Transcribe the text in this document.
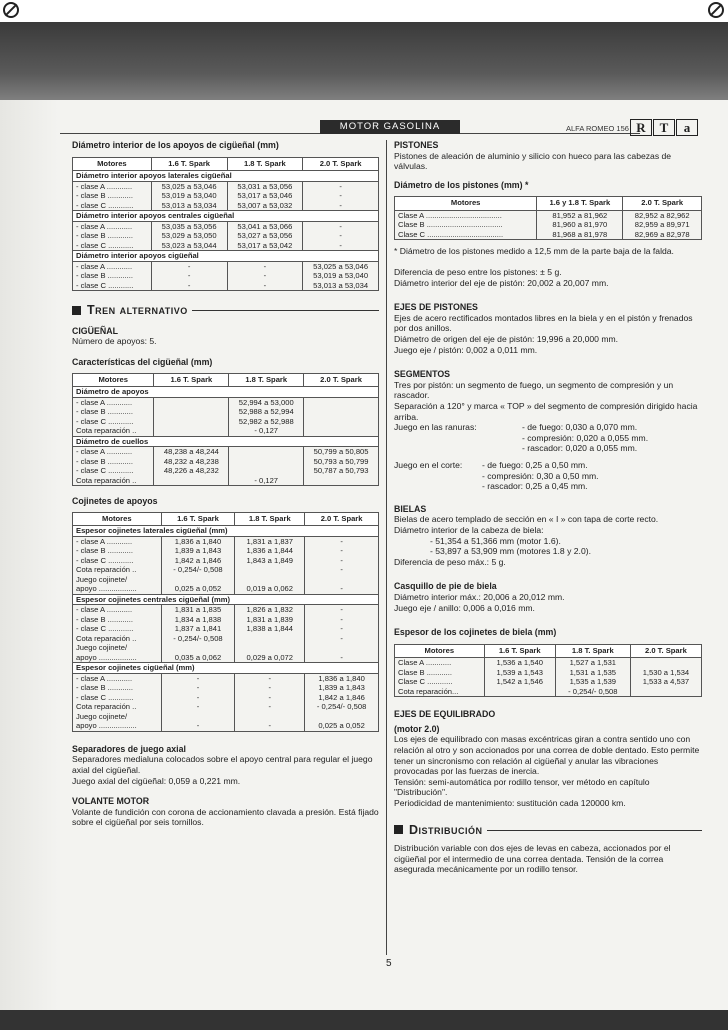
MOTOR GASOLINA	ALFA ROMEO 156 R	T	a
Diámetro interior de los apoyos de cigüeñal (mm)
Motores	1.6 T. Spark	1.8 T. Spark	2.0 T. Spark
Diámetro interior apoyos laterales cigüeñal			
- clase A ............	53,025 a 53,046	53,031 a 53,056	-
- clase B ............	53,019 a 53,040	53,017 a 53,046	-
- clase C ............	53,013 a 53,034	53,007 a 53,032	-
Diámetro interior apoyos centrales cigüeñal			
- clase A ............	53,035 a 53,056	53,041 a 53,066	-
- clase B ............	53,029 a 53,050	53,027 a 53,056	-
- clase C ............	53,023 a 53,044	53,017 a 53,042	-
Diámetro interior apoyos cigüeñal			
- clase A ............	-	-	53,025 a 53,046
- clase B ............	-	-	53,019 a 53,040
- clase C ............	-	-	53,013 a 53,034
Tren alternativo
CIGÜEÑAL

Número de apoyos: 5.

Características del cigüeñal (mm)
Motores	1.6 T. Spark	1.8 T. Spark	2.0 T. Spark
Diámetro de apoyos			
- clase A ............		52,994 a 53,000	
- clase B ............		52,988 a 52,994	
- clase C ............		52,982 a 52,988	
Cota reparación ..		- 0,127	
Diámetro de cuellos			
- clase A ............	48,238 a 48,244		50,799 a 50,805
- clase B ............	48,232 a 48,238		50,793 a 50,799
- clase C ............	48,226 a 48,232		50,787 a 50,793
Cota reparación ..		- 0,127	
Cojinetes de apoyos
Motores	1.6 T. Spark	1.8 T. Spark	2.0 T. Spark
Espesor cojinetes laterales cigüeñal (mm)			
- clase A ............	1,836 a 1,840	1,831 a 1,837	-
- clase B ............	1,839 a 1,843	1,836 a 1,844	-
- clase C ............	1,842 a 1,846	1,843 a 1,849	-
Cota reparación ..	- 0,254/- 0,508		-
Juego cojinete/			
apoyo ..................	0,025 a 0,052	0,019 a 0,062	-
Espesor cojinetes centrales cigüeñal (mm)			
- clase A ............	1,831 a 1,835	1,826 a 1,832	-
- clase B ............	1,834 a 1,838	1,831 a 1,839	-
- clase C ............	1,837 a 1,841	1,838 a 1,844	-
Cota reparación ..	- 0,254/- 0,508		-
Juego cojinete/			
apoyo ..................	0,035 a 0,062	0,029 a 0,072	-
Espesor cojinetes cigüeñal (mm)			
- clase A ............	-	-	1,836 a 1,840
- clase B ............	-	-	1,839 a 1,843
- clase C ............	-	-	1,842 a 1,846
Cota reparación ..	-	-	- 0,254/- 0,508
Juego cojinete/			
apoyo ..................	-	-	0,025 a 0,052
Separadores de juego axial

Separadores medialuna colocados sobre el apoyo central para regular el juego axial del cigüeñal.

Juego axial del cigüeñal: 0,059 a 0,221 mm.

VOLANTE MOTOR

Volante de fundición con corona de accionamiento clavada a presión. Está fijado sobre el cigüeñal por seis tornillos.

PISTONES

Pistones de aleación de aluminio y silicio con hueco para las cabezas de válvulas.

Diámetro de los pistones (mm) *
Motores	1.6 y 1.8 T. Spark	2.0 T. Spark
Clase A ....................................	81,952 a 81,962	82,952 a 82,962
Clase B ....................................	81,960 a 81,970	82,959 a 89,971
Clase C ....................................	81,968 a 81,978	82,969 a 82,978

* Diámetro de los pistones medido a 12,5 mm de la parte baja de la falda.

Diferencia de peso entre los pistones: ± 5 g.

Diámetro interior del eje de pistón: 20,002 a 20,007 mm.

EJES DE PISTONES

Ejes de acero rectificados montados libres en la biela y en el pistón y frenados por dos anillos.

Diámetro de origen del eje de pistón: 19,996 a 20,000 mm.

Juego eje / pistón: 0,002 a 0,011 mm.

SEGMENTOS

Tres por pistón: un segmento de fuego, un segmento de compresión y un rascador.

Separación a 120° y marca « TOP » del segmento de compresión dirigido hacia arriba.

Juego en las ranuras:	- de fuego: 0,030 a 0,070 mm.
- compresión: 0,020 a 0,055 mm.
- rascador: 0,020 a 0,055 mm.
Juego en el corte:	- de fuego: 0,25 a 0,50 mm.
- compresión: 0,30 a 0,50 mm.
- rascador: 0,25 a 0,45 mm.
BIELAS

Bielas de acero templado de sección en « I » con tapa de corte recto.

Diámetro interior de la cabeza de biela:

- 51,354 a 51,366 mm (motor 1.6).

- 53,897 a 53,909 mm (motores 1.8 y 2.0).

Diferencia de peso máx.: 5 g.

Casquillo de pie de biela

Diámetro interior máx.: 20,006 a 20,012 mm.

Juego eje / anillo: 0,006 a 0,016 mm.

Espesor de los cojinetes de biela (mm)
Motores	1.6 T. Spark	1.8 T. Spark	2.0 T. Spark
Clase A ............	1,536 a 1,540	1,527 a 1,531	
Clase B ............	1,539 a 1,543	1,531 a 1,535	1,530 a 1,534
Clase C ............	1,542 a 1,546	1,535 a 1,539	1,533 a 4,537
Cota reparación...		- 0,254/- 0,508	
EJES DE EQUILIBRADO
(motor 2.0)

Los ejes de equilibrado con masas excéntricas giran a contra sentido uno con relación al otro y son accionados por una correa de doble dentado. Esto permite tener un sincronismo con relación al cigüeñal y anular las vibraciones provocadas por las fuerzas de inercia.

Tensión: semi-automática por rodillo tensor, ver método en capítulo "Distribución".

Periodicidad de mantenimiento: sustitución cada 120000 km.

Distribución

Distribución variable con dos ejes de levas en cabeza, accionados por el cigüeñal por el intermedio de una correa dentada. Tensión de la correa asegurada mecánicamente por un rodillo tensor.

5
